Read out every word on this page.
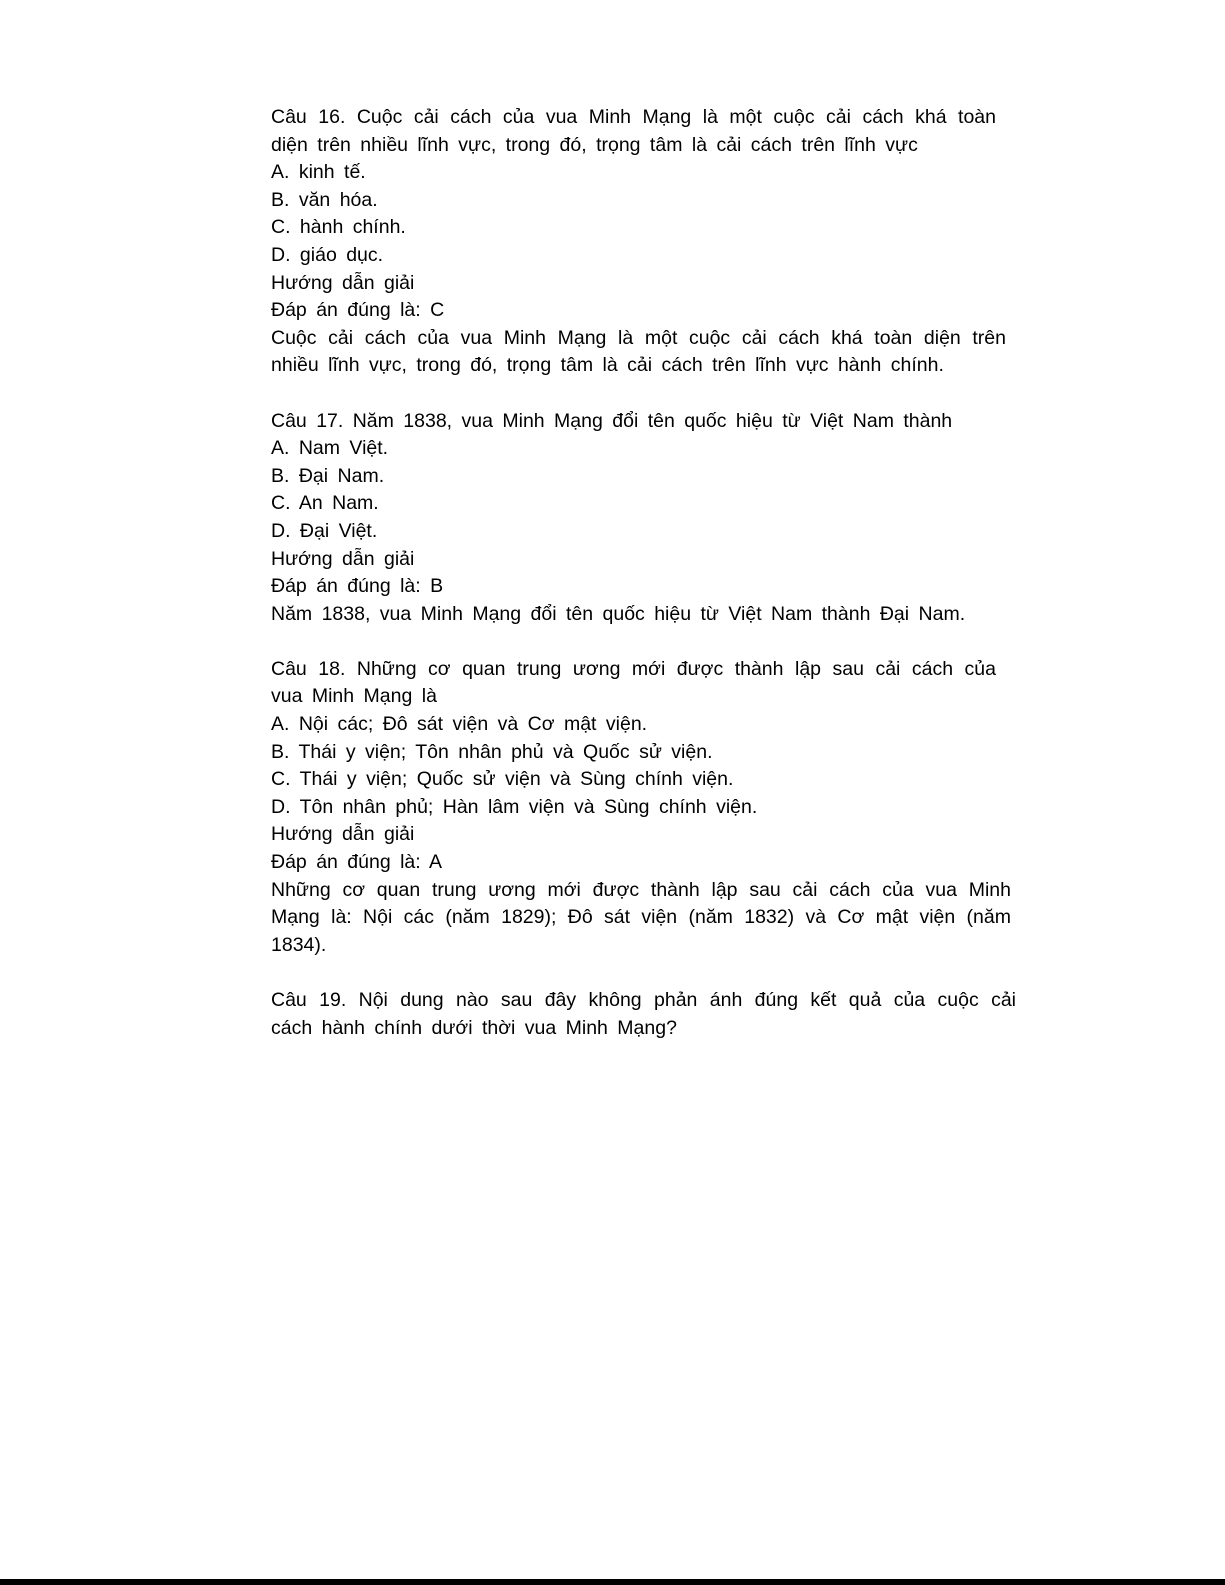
Câu 16. Cuộc cải cách của vua Minh Mạng là một cuộc cải cách khá toàn diện trên nhiều lĩnh vực, trong đó, trọng tâm là cải cách trên lĩnh vực

A. kinh tế.

B. văn hóa.

C. hành chính.

D. giáo dục.

Hướng dẫn giải

Đáp án đúng là: C

Cuộc cải cách của vua Minh Mạng là một cuộc cải cách khá toàn diện trên nhiều lĩnh vực, trong đó, trọng tâm là cải cách trên lĩnh vực hành chính.

Câu 17. Năm 1838, vua Minh Mạng đổi tên quốc hiệu từ Việt Nam thành

A. Nam Việt.

B. Đại Nam.

C. An Nam.

D. Đại Việt.

Hướng dẫn giải

Đáp án đúng là: B

Năm 1838, vua Minh Mạng đổi tên quốc hiệu từ Việt Nam thành Đại Nam.

Câu 18. Những cơ quan trung ương mới được thành lập sau cải cách của vua Minh Mạng là

A. Nội các; Đô sát viện và Cơ mật viện.

B. Thái y viện; Tôn nhân phủ và Quốc sử viện.

C. Thái y viện; Quốc sử viện và Sùng chính viện.

D. Tôn nhân phủ; Hàn lâm viện và Sùng chính viện.

Hướng dẫn giải

Đáp án đúng là: A

Những cơ quan trung ương mới được thành lập sau cải cách của vua Minh Mạng là: Nội các (năm 1829); Đô sát viện (năm 1832) và Cơ mật viện (năm 1834).

Câu 19. Nội dung nào sau đây không phản ánh đúng kết quả của cuộc cải cách hành chính dưới thời vua Minh Mạng?
